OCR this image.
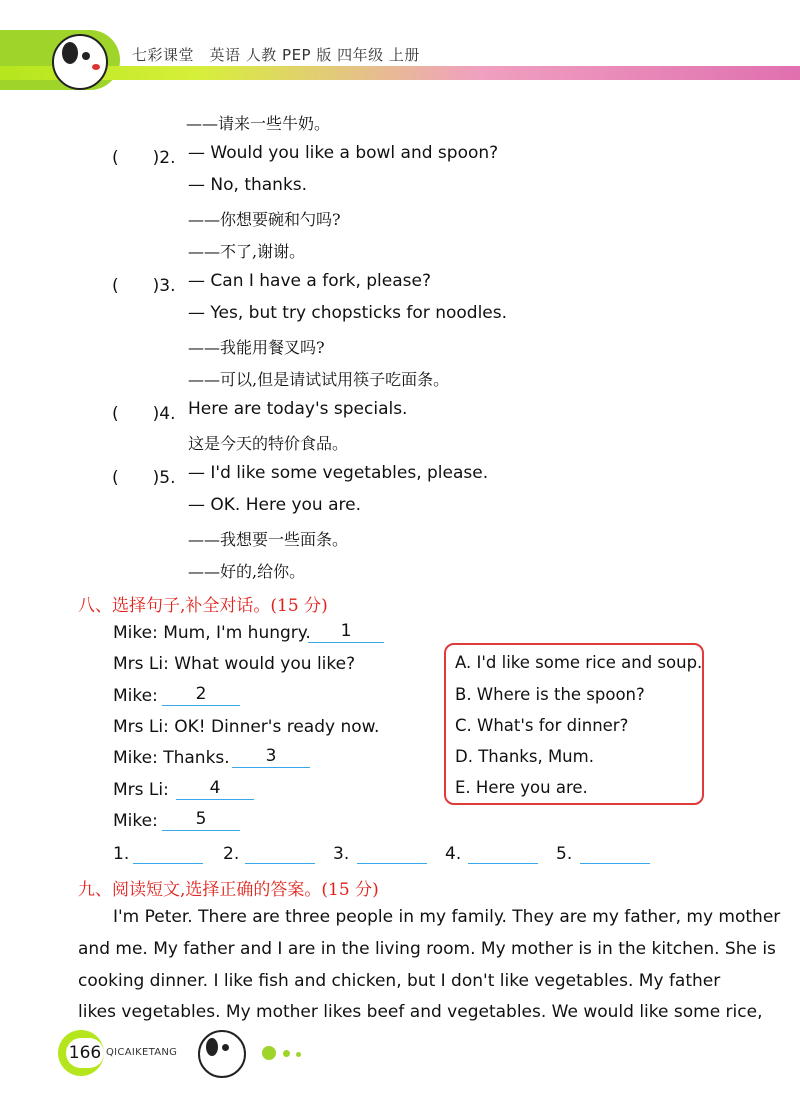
七彩课堂　英语 人教 PEP 版 四年级 上册
——请来一些牛奶。
(　　)2. — Would you like a bowl and spoon?
— No, thanks.
——你想要碗和勺吗?
——不了,谢谢。
(　　)3. — Can I have a fork, please?
— Yes, but try chopsticks for noodles.
——我能用餐叉吗?
——可以,但是请试试用筷子吃面条。
(　　)4. Here are today's specials.
这是今天的特价食品。
(　　)5. — I'd like some vegetables, please.
— OK. Here you are.
——我想要一些面条。
——好的,给你。
八、选择句子,补全对话。(15 分)
Mike: Mum, I'm hungry.	1
Mrs Li: What would you like?
Mike:	2
Mrs Li: OK! Dinner's ready now.
Mike: Thanks.	3
Mrs Li:	4
Mike:	5
A. I'd like some rice and soup.
B. Where is the spoon?
C. What's for dinner?
D. Thanks, Mum.
E. Here you are.
1.	2.	3.	4.	5.
九、阅读短文,选择正确的答案。(15 分)
I'm Peter. There are three people in my family. They are my father, my mother
and me. My father and I are in the living room. My mother is in the kitchen. She is
cooking dinner. I like fish and chicken, but I don't like vegetables. My father
likes vegetables. My mother likes beef and vegetables. We would like some rice,
166 QICAIKETANG
